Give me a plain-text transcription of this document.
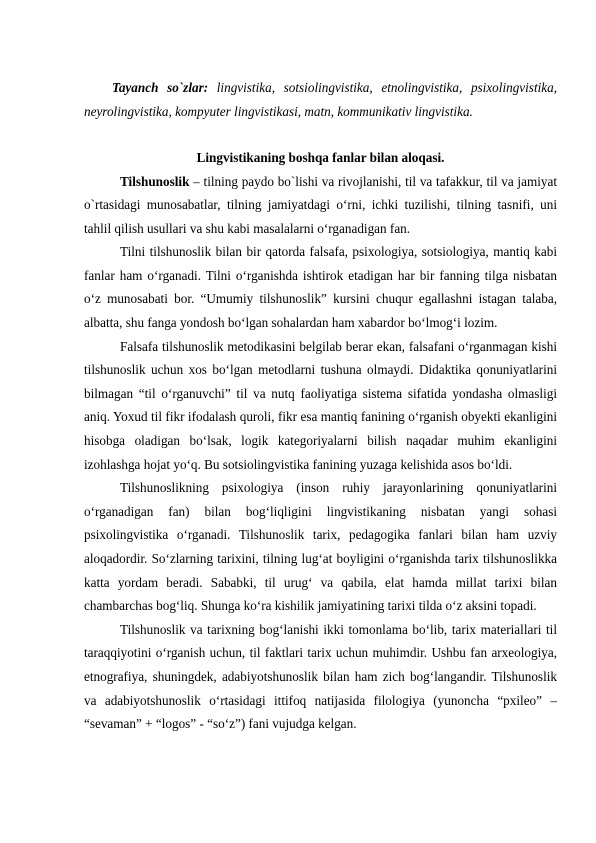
Tayanch so`zlar: lingvistika, sotsiolingvistika, etnolingvistika, psixolingvistika, neyrolingvistika, kompyuter lingvistikasi, matn, kommunikativ lingvistika.

Lingvistikaning boshqa fanlar bilan aloqasi.

Tilshunoslik – tilning paydo bo`lishi va rivojlanishi, til va tafakkur, til va jamiyat o`rtasidagi munosabatlar, tilning jamiyatdagi o‘rni, ichki tuzilishi, tilning tasnifi, uni tahlil qilish usullari va shu kabi masalalarni o‘rganadigan fan.

Tilni tilshunoslik bilan bir qatorda falsafa, psixologiya, sotsiologiya, mantiq kabi fanlar ham o‘rganadi. Tilni o‘rganishda ishtirok etadigan har bir fanning tilga nisbatan o‘z munosabati bor. “Umumiy tilshunoslik” kursini chuqur egallashni istagan talaba, albatta, shu fanga yondosh bo‘lgan sohalardan ham xabardor bo‘lmog‘i lozim.

Falsafa tilshunoslik metodikasini belgilab berar ekan, falsafani o‘rganmagan kishi tilshunoslik uchun xos bo‘lgan metodlarni tushuna olmaydi. Didaktika qonuniyatlarini bilmagan “til o‘rganuvchi” til va nutq faoliyatiga sistema sifatida yondasha olmasligi aniq. Yoxud til fikr ifodalash quroli, fikr esa mantiq fanining o‘rganish obyekti ekanligini hisobga oladigan bo‘lsak, logik kategoriyalarni bilish naqadar muhim ekanligini izohlashga hojat yo‘q. Bu sotsiolingvistika fanining yuzaga kelishida asos bo‘ldi.

Tilshunoslikning psixologiya (inson ruhiy jarayonlarining qonuniyatlarini o‘rganadigan fan) bilan bog‘liqligini lingvistikaning nisbatan yangi sohasi psixolingvistika o‘rganadi. Tilshunoslik tarix, pedagogika fanlari bilan ham uzviy aloqadordir. So‘zlarning tarixini, tilning lug‘at boyligini o‘rganishda tarix tilshunoslikka katta yordam beradi. Sababki, til urug‘ va qabila, elat hamda millat tarixi bilan chambarchas bog‘liq. Shunga ko‘ra kishilik jamiyatining tarixi tilda o‘z aksini topadi.

Tilshunoslik va tarixning bog‘lanishi ikki tomonlama bo‘lib, tarix materiallari til taraqqiyotini o‘rganish uchun, til faktlari tarix uchun muhimdir. Ushbu fan arxeologiya, etnografiya, shuningdek, adabiyotshunoslik bilan ham zich bog‘langandir. Tilshunoslik va adabiyotshunoslik o‘rtasidagi ittifoq natijasida filologiya (yunoncha “pxileo” – “sevaman” + “logos” - “so‘z”) fani vujudga kelgan.
